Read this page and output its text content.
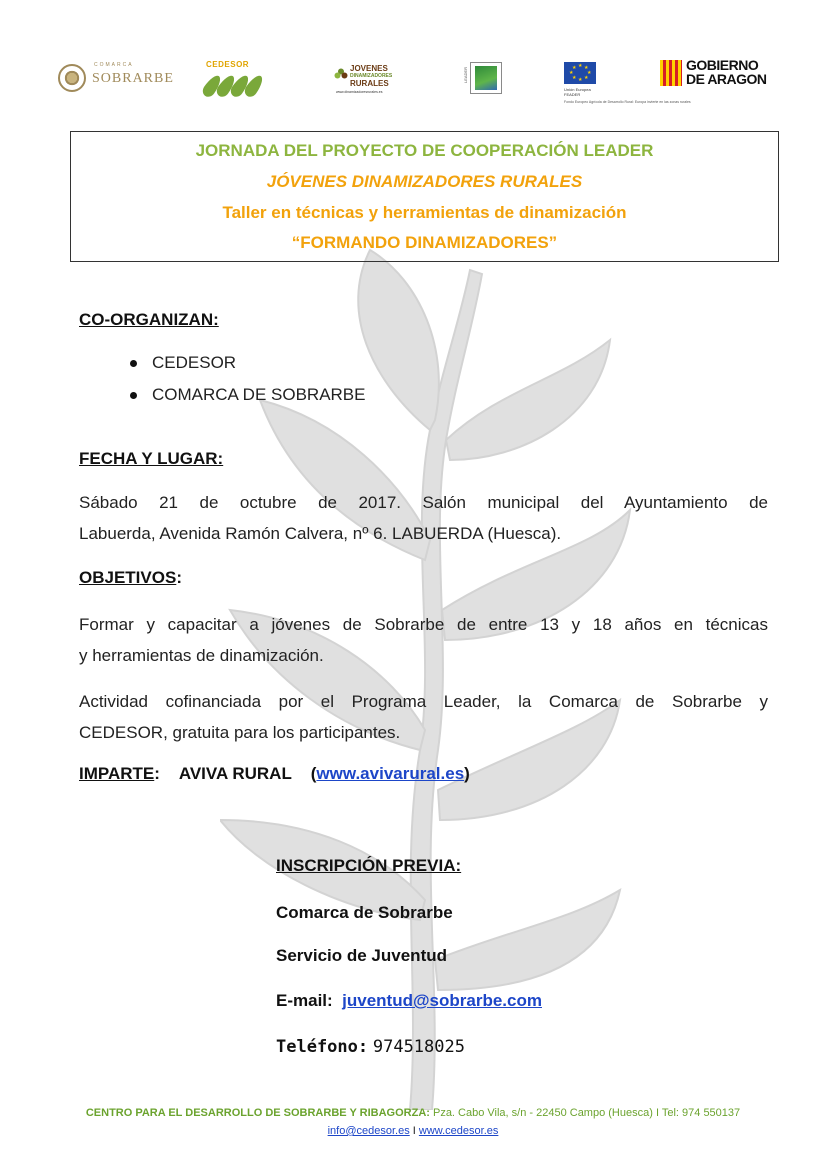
COMARCA
SOBRARBE
CEDESOR	JOVENES
DINAMIZADORES
RURALES
www.dinamizadoresrurales.es
LEADER
★ ★
★
★
★
★
★
★
Unión Europea
FEADER
Fondo Europeo Agrícola de Desarrollo Rural: Europa invierte en las zonas rurales
GOBIERNO
DE ARAGON
JORNADA DEL PROYECTO DE COOPERACIÓN LEADER
JÓVENES DINAMIZADORES RURALES
Taller en técnicas y herramientas de dinamización
“FORMANDO DINAMIZADORES”
CO-ORGANIZAN:
CEDESOR
COMARCA DE SOBRARBE
FECHA Y LUGAR:
Sábado 21 de octubre de 2017. Salón municipal del Ayuntamiento de
Labuerda, Avenida Ramón Calvera, nº 6. LABUERDA (Huesca).
OBJETIVOS:
Formar y capacitar a jóvenes de Sobrarbe de entre 13 y 18 años en técnicas
y herramientas de dinamización.
Actividad cofinanciada por el Programa Leader, la Comarca de Sobrarbe y
CEDESOR, gratuita para los participantes.
IMPARTE: AVIVA RURAL (www.avivarural.es)
INSCRIPCIÓN PREVIA:
Comarca de Sobrarbe
Servicio de Juventud
E-mail: juventud@sobrarbe.com
Teléfono: 974518025
CENTRO PARA EL DESARROLLO DE SOBRARBE Y RIBAGORZA: Pza. Cabo Vila, s/n - 22450 Campo (Huesca) I Tel: 974 550137
info@cedesor.es I www.cedesor.es
